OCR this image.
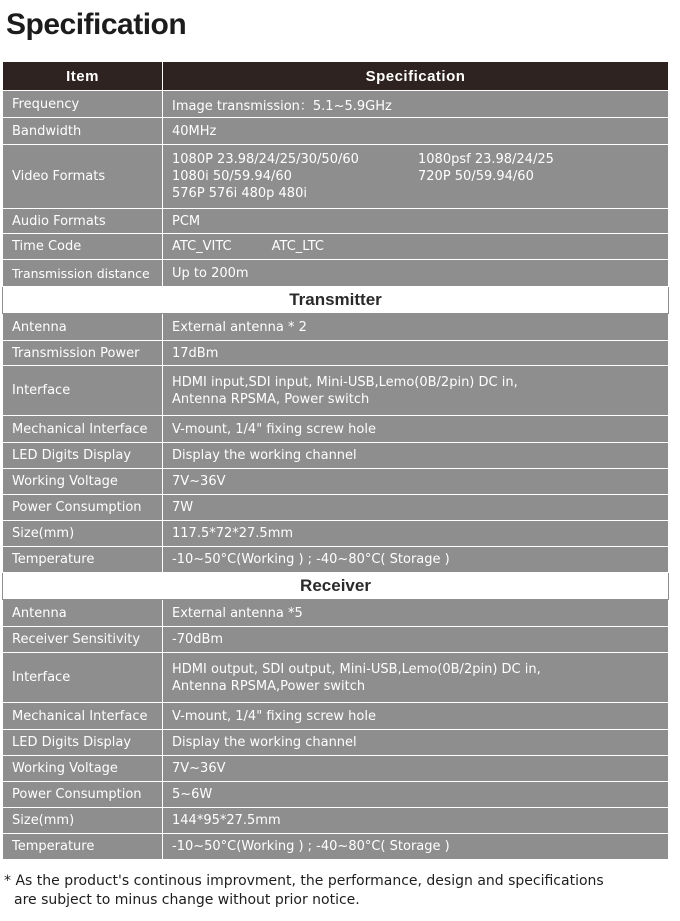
Specification
Item	Specification
Frequency	Image transmission：5.1~5.9GHz
Bandwidth	40MHz
Video Formats	1080P 23.98/24/25/30/50/60
1080i 50/59.94/60
576P 576i 480p 480i
1080psf 23.98/24/25
720P 50/59.94/60

Audio Formats	PCM
Time Code	ATC_VITC ATC_LTC
Transmission distance	Up to 200m
Transmitter	
Antenna	External antenna * 2
Transmission Power	17dBm
Interface	HDMI input,SDI input, Mini-USB,Lemo(0B/2pin) DC in,
Antenna RPSMA, Power switch

Mechanical Interface	V-mount, 1/4" fixing screw hole
LED Digits Display	Display the working channel
Working Voltage	7V~36V
Power Consumption	7W
Size(mm)	117.5*72*27.5mm
Temperature	-10~50°C(Working ) ; -40~80°C( Storage )
Receiver	
Antenna	External antenna *5
Receiver Sensitivity	-70dBm
Interface	HDMI output, SDI output, Mini-USB,Lemo(0B/2pin) DC in,
Antenna RPSMA,Power switch

Mechanical Interface	V-mount, 1/4" fixing screw hole
LED Digits Display	Display the working channel
Working Voltage	7V~36V
Power Consumption	5~6W
Size(mm)	144*95*27.5mm
Temperature	-10~50°C(Working ) ; -40~80°C( Storage )
* As the product's continous improvment, the performance, design and specifications
are subject to minus change without prior notice.
